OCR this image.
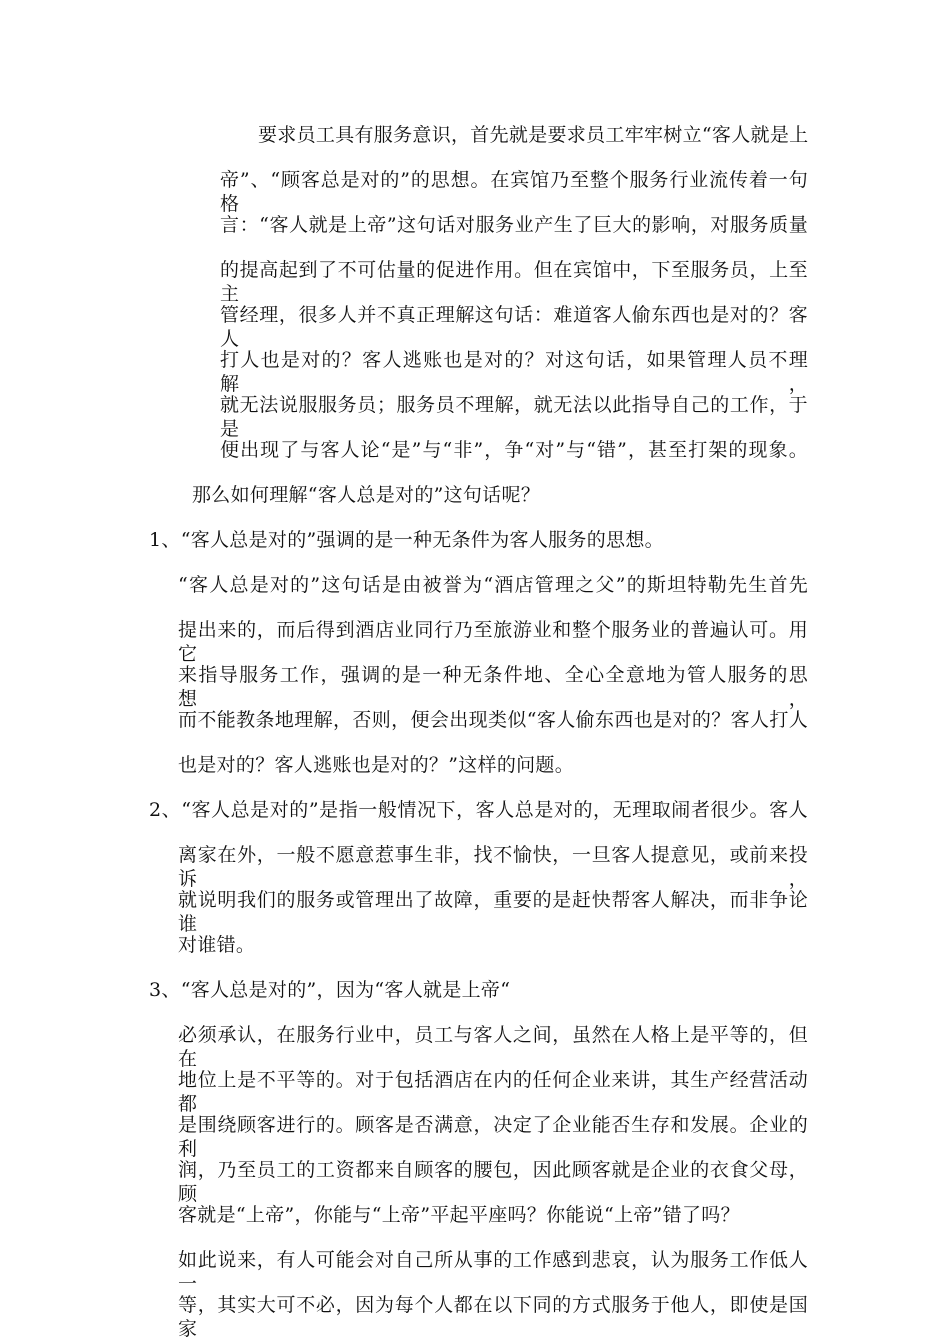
要求员工具有服务意识，首先就是要求员工牢牢树立“客人就是上
帝”、“顾客总是对的”的思想。在宾馆乃至整个服务行业流传着一句格
言：“客人就是上帝”这句话对服务业产生了巨大的影响，对服务质量
的提高起到了不可估量的促进作用。但在宾馆中，下至服务员，上至主
管经理，很多人并不真正理解这句话：难道客人偷东西也是对的？客人
打人也是对的？客人逃账也是对的？对这句话，如果管理人员不理解，
就无法说服服务员；服务员不理解，就无法以此指导自己的工作，于是
便出现了与客人论“是”与“非”，争“对”与“错”，甚至打架的现象。
那么如何理解“客人总是对的”这句话呢？
1、“客人总是对的”强调的是一种无条件为客人服务的思想。
“客人总是对的”这句话是由被誉为“酒店管理之父”的斯坦特勒先生首先
提出来的，而后得到酒店业同行乃至旅游业和整个服务业的普遍认可。用它
来指导服务工作，强调的是一种无条件地、全心全意地为管人服务的思想，
而不能教条地理解，否则，便会出现类似“客人偷东西也是对的？客人打人
也是对的？客人逃账也是对的？”这样的问题。
2、“客人总是对的”是指一般情况下，客人总是对的，无理取闹者很少。客人
离家在外，一般不愿意惹事生非，找不愉快，一旦客人提意见，或前来投诉，
就说明我们的服务或管理出了故障，重要的是赶快帮客人解决，而非争论谁
对谁错。
3、“客人总是对的”，因为“客人就是上帝“
必须承认，在服务行业中，员工与客人之间，虽然在人格上是平等的，但在
地位上是不平等的。对于包括酒店在内的任何企业来讲，其生产经营活动都
是围绕顾客进行的。顾客是否满意，决定了企业能否生存和发展。企业的利
润，乃至员工的工资都来自顾客的腰包，因此顾客就是企业的衣食父母，顾
客就是“上帝”，你能与“上帝”平起平座吗？你能说“上帝”错了吗？
如此说来，有人可能会对自己所从事的工作感到悲哀，认为服务工作低人一
等，其实大可不必，因为每个人都在以下同的方式服务于他人，即使是国家
